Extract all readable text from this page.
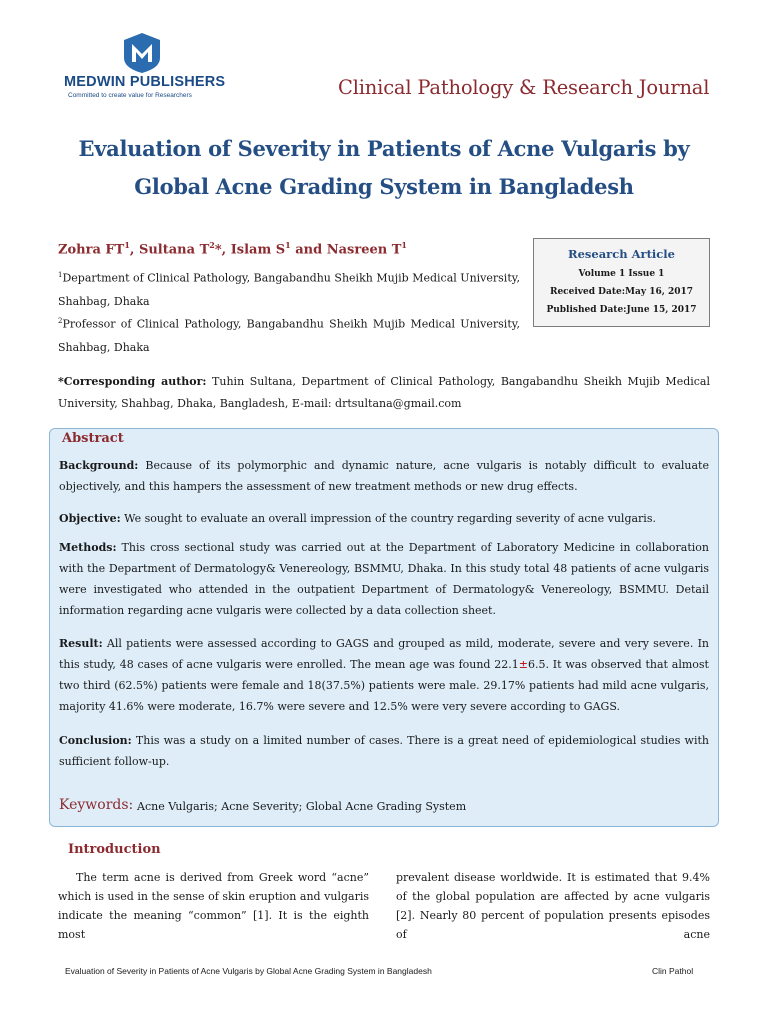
MEDWIN PUBLISHERS
Committed to create value for Researchers	Clinical Pathology & Research Journal
Evaluation of Severity in Patients of Acne Vulgaris by Global Acne Grading System in Bangladesh
Zohra $FT^1$, Sultana $T^2*$, Islam $S^1$ and Nasreen $T^1$
$^1$Department of Clinical Pathology, Bangabandhu Sheikh Mujib Medical University, Shahbag, Dhaka
$^2$Professor of Clinical Pathology, Bangabandhu Sheikh Mujib Medical University, Shahbag, Dhaka
Research Article
Volume 1 Issue 1
Received Date:May 16, 2017
Published Date:June 15, 2017
*Corresponding author: Tuhin Sultana, Department of Clinical Pathology, Bangabandhu Sheikh Mujib Medical University, Shahbag, Dhaka, Bangladesh, E-mail: drtsultana@gmail.com
Abstract
Background: Because of its polymorphic and dynamic nature, acne vulgaris is notably difficult to evaluate objectively, and this hampers the assessment of new treatment methods or new drug effects.
Objective: We sought to evaluate an overall impression of the country regarding severity of acne vulgaris.
Methods: This cross sectional study was carried out at the Department of Laboratory Medicine in collaboration with the Department of Dermatology& Venereology, BSMMU, Dhaka. In this study total 48 patients of acne vulgaris were investigated who attended in the outpatient Department of Dermatology& Venereology, BSMMU. Detail information regarding acne vulgaris were collected by a data collection sheet.
Result: All patients were assessed according to GAGS and grouped as mild, moderate, severe and very severe. In this study, 48 cases of acne vulgaris were enrolled. The mean age was found 22.1±6.5. It was observed that almost two third (62.5%) patients were female and 18(37.5%) patients were male. 29.17% patients had mild acne vulgaris, majority 41.6% were moderate, 16.7% were severe and 12.5% were very severe according to GAGS.
Conclusion: This was a study on a limited number of cases. There is a great need of epidemiological studies with sufficient follow-up.
Keywords: Acne Vulgaris; Acne Severity; Global Acne Grading System
Introduction
The term acne is derived from Greek word “acne” which is used in the sense of skin eruption and vulgaris indicate the meaning “common” [1]. It is the eighth most
prevalent disease worldwide. It is estimated that 9.4% of the global population are affected by acne vulgaris [2]. Nearly 80 percent of population presents episodes of acne
Evaluation of Severity in Patients of Acne Vulgaris by Global Acne Grading System in Bangladesh	Clin Pathol
